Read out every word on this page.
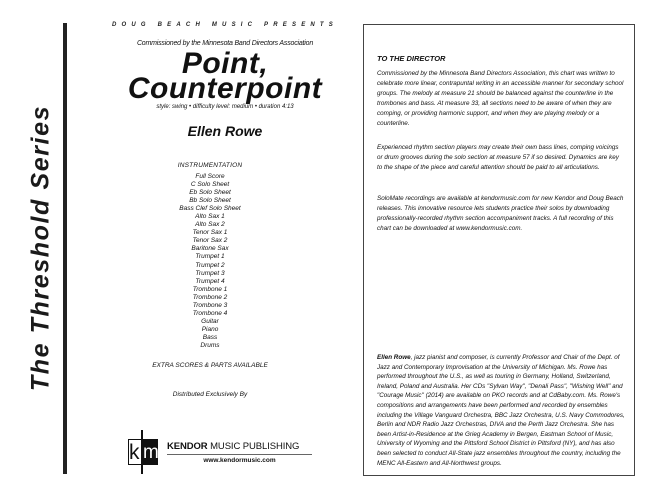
The Threshold Series
DOUG BEACH MUSIC PRESENTS
Commissioned by the Minnesota Band Directors Association
Point,
Counterpoint
style: swing • difficulty level: medium • duration 4:13
Ellen Rowe
INSTRUMENTATION
Full Score
C Solo Sheet
Eb Solo Sheet
Bb Solo Sheet
Bass Clef Solo Sheet
Alto Sax 1
Alto Sax 2
Tenor Sax 1
Tenor Sax 2
Baritone Sax
Trumpet 1
Trumpet 2
Trumpet 3
Trumpet 4
Trombone 1
Trombone 2
Trombone 3
Trombone 4
Guitar
Piano
Bass
Drums
EXTRA SCORES & PARTS AVAILABLE
Distributed Exclusively By
k m KENDOR MUSIC PUBLISHING
www.kendormusic.com
TO THE DIRECTOR
Commissioned by the Minnesota Band Directors Association, this chart was written to celebrate more linear, contrapuntal writing in an accessible manner for secondary school groups. The melody at measure 21 should be balanced against the counterline in the trombones and bass. At measure 33, all sections need to be aware of when they are comping, or providing harmonic support, and when they are playing melody or a counterline.
Experienced rhythm section players may create their own bass lines, comping voicings or drum grooves during the solo section at measure 57 if so desired. Dynamics are key to the shape of the piece and careful attention should be paid to all articulations.
SoloMate recordings are available at kendormusic.com for new Kendor and Doug Beach releases. This innovative resource lets students practice their solos by downloading professionally-recorded rhythm section accompaniment tracks. A full recording of this chart can be downloaded at www.kendormusic.com.
Ellen Rowe, jazz pianist and composer, is currently Professor and Chair of the Dept. of Jazz and Contemporary Improvisation at the University of Michigan. Ms. Rowe has performed throughout the U.S., as well as touring in Germany, Holland, Switzerland, Ireland, Poland and Australia. Her CDs "Sylvan Way", "Denali Pass", "Wishing Well" and "Courage Music" (2014) are available on PKO records and at CdBaby.com. Ms. Rowe's compositions and arrangements have been performed and recorded by ensembles including the Village Vanguard Orchestra, BBC Jazz Orchestra, U.S. Navy Commodores, Berlin and NDR Radio Jazz Orchestras, DIVA and the Perth Jazz Orchestra. She has been Artist-in-Residence at the Grieg Academy in Bergen, Eastman School of Music, University of Wyoming and the Pittsford School District in Pittsford (NY), and has also been selected to conduct All-State jazz ensembles throughout the country, including the MENC All-Eastern and All-Northwest groups.
